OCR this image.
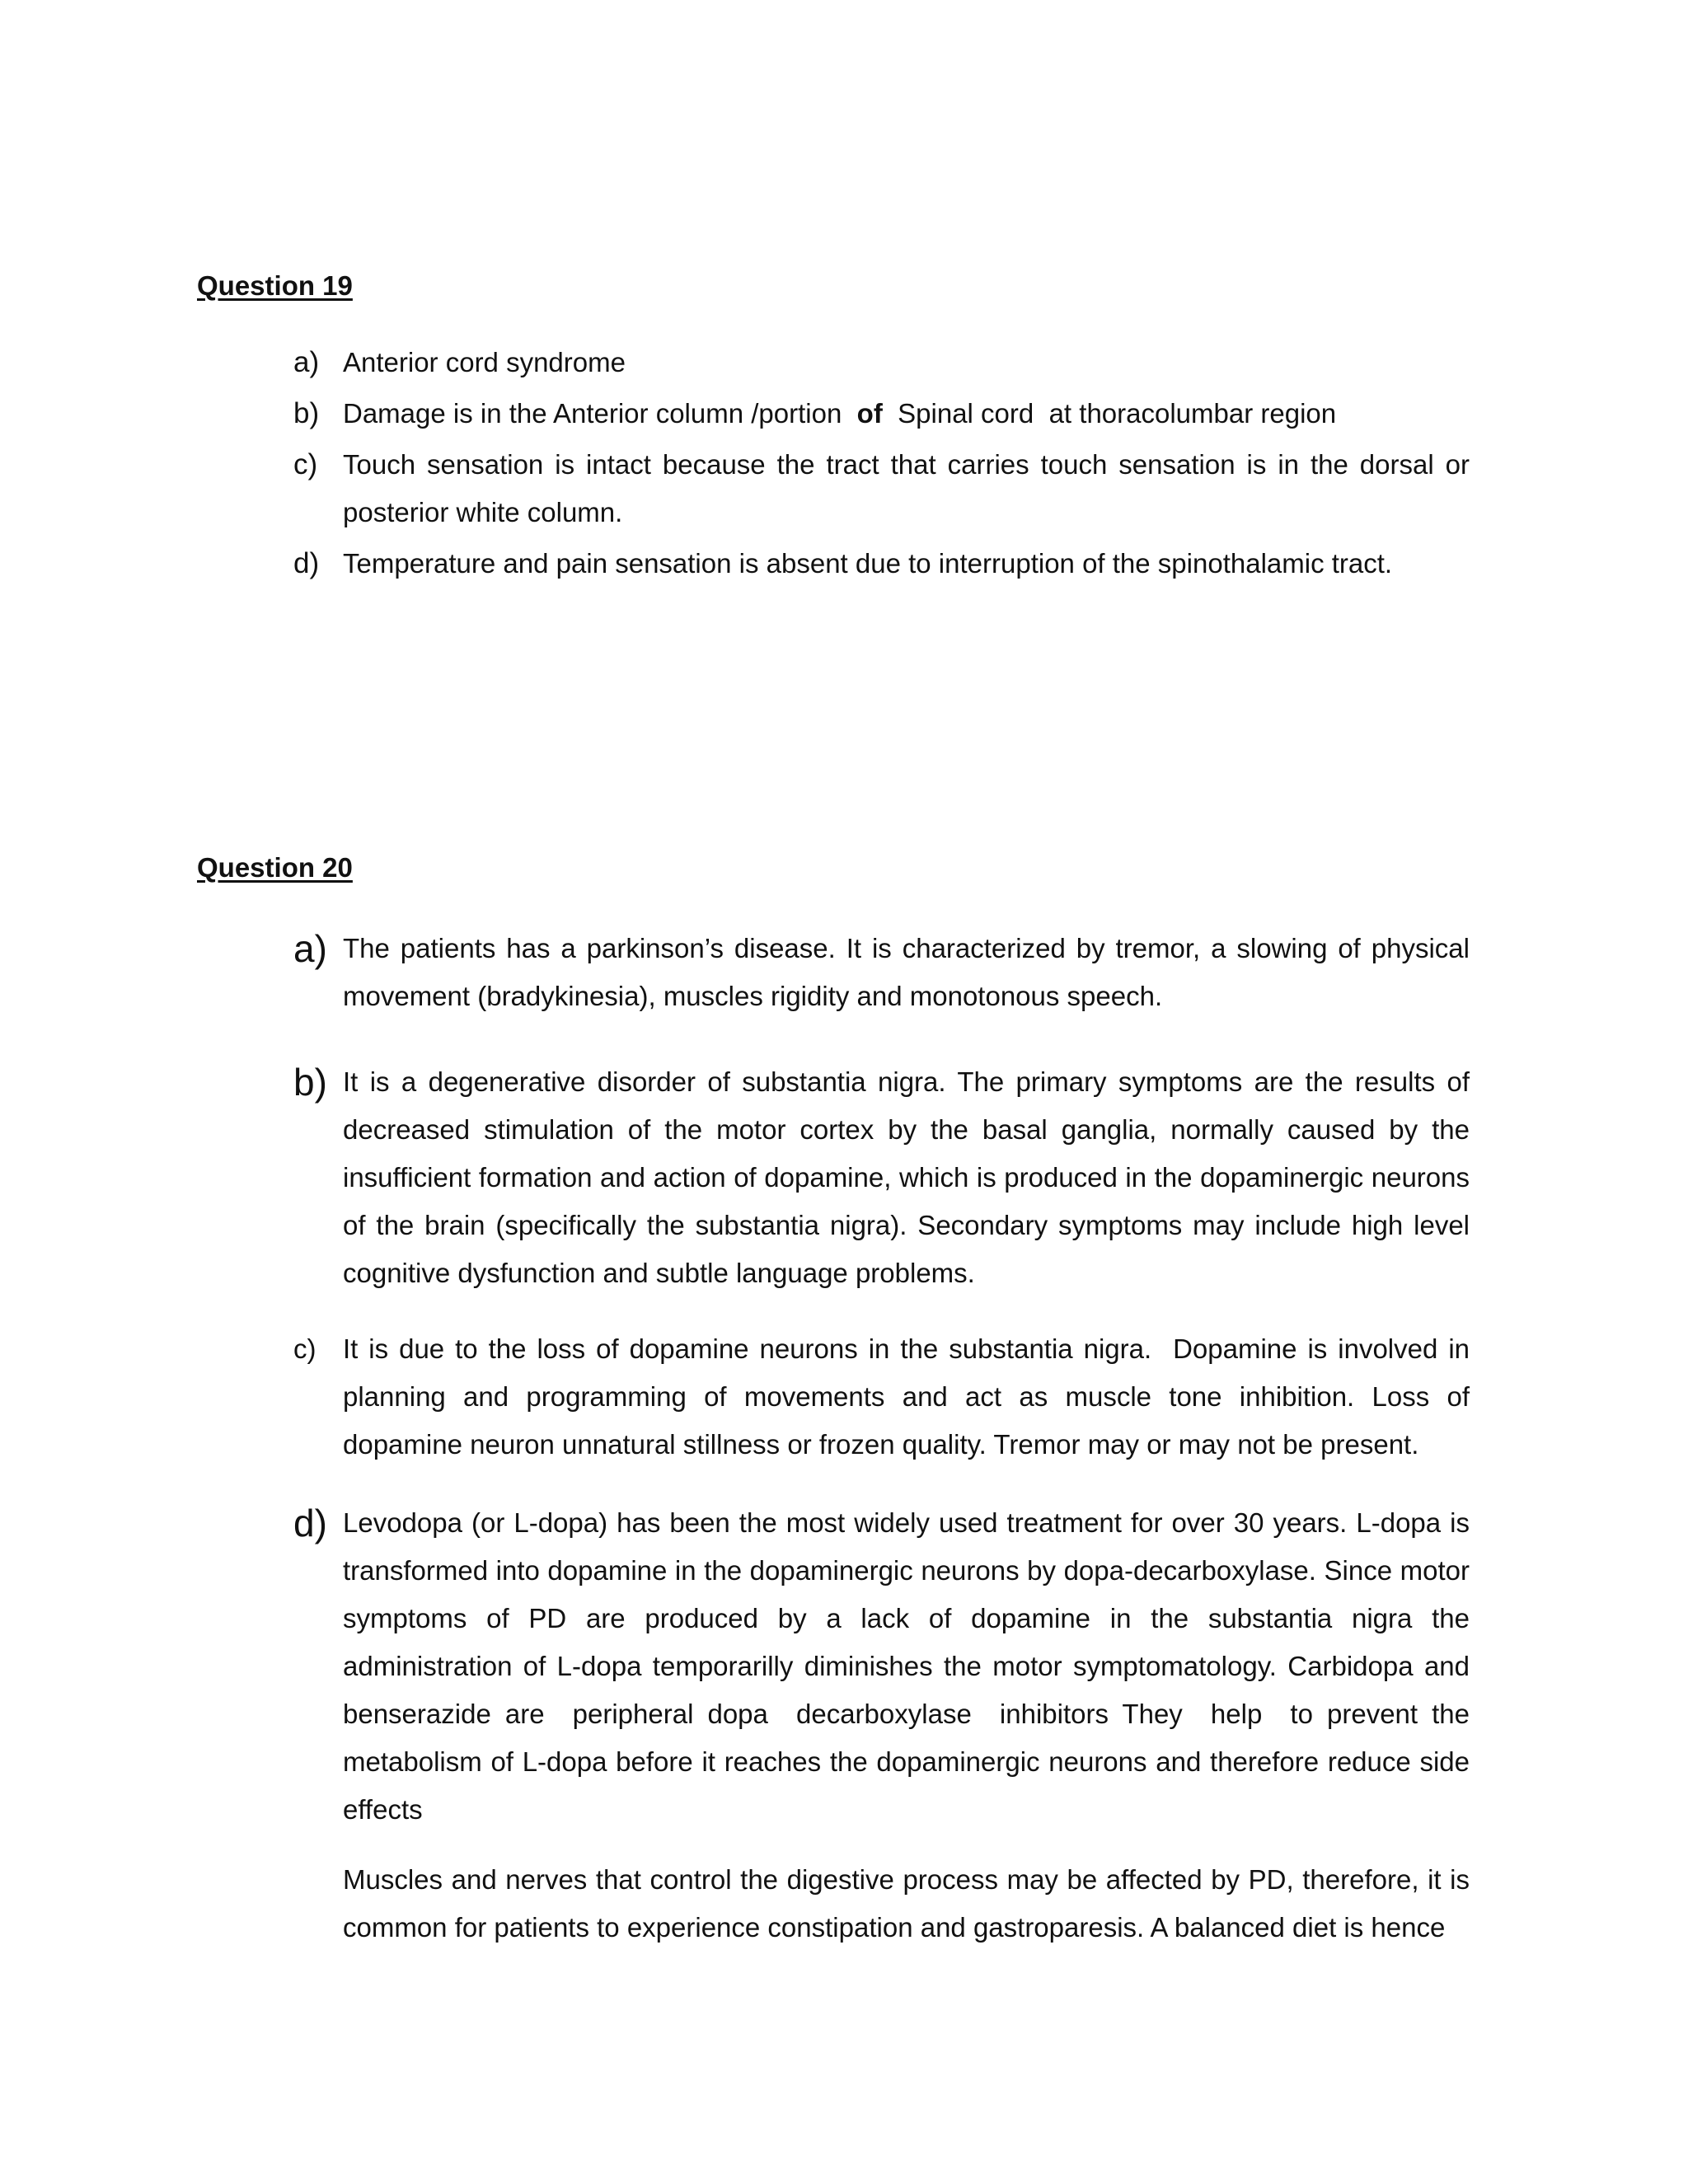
Question 19
a) Anterior cord syndrome

b) Damage is in the Anterior column /portion  of  Spinal cord  at thoracolumbar region

c) Touch sensation is intact because the tract that carries touch sensation is in the dorsal or posterior white column.

d) Temperature and pain sensation is absent due to interruption of the spinothalamic tract.

Question 20
a) The patients has a parkinson’s disease. It is characterized by tremor, a slowing of physical movement (bradykinesia), muscles rigidity and monotonous speech.

b) It is a degenerative disorder of substantia nigra. The primary symptoms are the results of decreased stimulation of the motor cortex by the basal ganglia, normally caused by the insufficient formation and action of dopamine, which is produced in the dopaminergic neurons of the brain (specifically the substantia nigra). Secondary symptoms may include high level cognitive dysfunction and subtle language problems.

c) It is due to the loss of dopamine neurons in the substantia nigra.  Dopamine is involved in planning and programming of movements and act as muscle tone inhibition. Loss of dopamine neuron unnatural stillness or frozen quality. Tremor may or may not be present.

d) Levodopa (or L-dopa) has been the most widely used treatment for over 30 years. L-dopa is transformed into dopamine in the dopaminergic neurons by dopa-decarboxylase. Since motor symptoms of PD are produced by a lack of dopamine in the substantia nigra the administration of L-dopa temporarilly diminishes the motor symptomatology. Carbidopa and benserazide are  peripheral dopa  decarboxylase  inhibitors They  help  to prevent the metabolism of L-dopa before it reaches the dopaminergic neurons and therefore reduce side effects

Muscles and nerves that control the digestive process may be affected by PD, therefore, it is common for patients to experience constipation and gastroparesis. A balanced diet is hence
